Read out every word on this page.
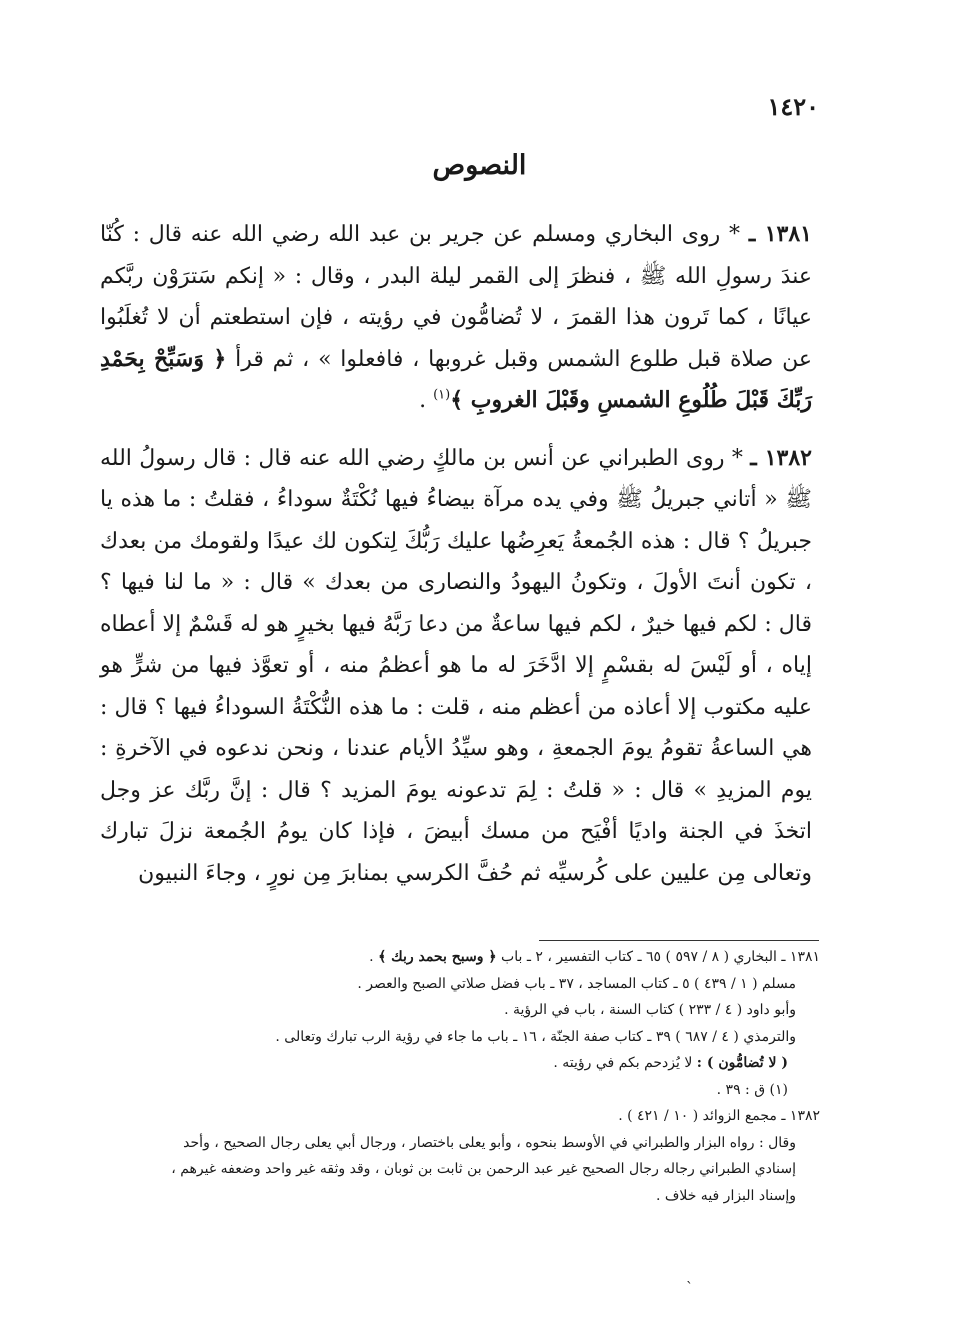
١٤٢٠
النصوص

١٣٨١ ـ * روى البخاري ومسلم عن جرير بن عبد الله رضي الله عنه قال : كُنّا عندَ رسولِ الله ﷺ ، فنظرَ إلى القمر ليلة البدر ، وقال : « إنكم سَترَوْن ربَّكم عيانًا ، كما تَرون هذا القمرَ ، لا تُضامُّون في رؤيته ، فإن استطعتم أن لا تُغلَبُوا عن صلاة قبل طلوع الشمس وقبل غروبها ، فافعلوا » ، ثم قرأ ﴿ وَسَبِّحْ بِحَمْدِ رَبِّكَ قَبْلَ طُلُوعِ الشمسِ وقَبْلَ الغروبِ ﴾$^{(١)}$ .

١٣٨٢ ـ * روى الطبراني عن أنس بن مالكٍ رضي الله عنه قال : قال رسولُ الله ﷺ « أتاني جبريلُ ﷺ وفي يده مرآة بيضاءُ فيها نُكْتَةٌ سوداءُ ، فقلتُ : ما هذه يا جبريلُ ؟ قال : هذه الجُمعةُ يَعرِضُها عليك رَبُّكَ لِتكون لك عيدًا ولقومك من بعدك ، تكون أنتَ الأولَ ، وتكونُ اليهودُ والنصارى من بعدك » قال : « ما لنا فيها ؟ قال : لكم فيها خيرٌ ، لكم فيها ساعةٌ من دعا رَبَّهُ فيها بخيرٍ هو له قَسْمٌ إلا أعطاه إياه ، أو لَيْسَ له بقسْمٍ إلا ادَّخَرَ له ما هو أعظمُ منه ، أو تعوَّذ فيها من شرٍّ هو عليه مكتوب إلا أعاذه من أعظم منه ، قلت : ما هذه النُّكْتَةُ السوداءُ فيها ؟ قال : هي الساعةُ تقومُ يومَ الجمعةِ ، وهو سيِّدُ الأيام عندنا ، ونحن ندعوه في الآخرةِ : يوم المزيدِ » قال : « قلتُ : لِمَ تدعونه يومَ المزيد ؟ قال : إنَّ ربَّك عز وجل اتخذَ في الجنة واديًا أفْيَح من مسك أبيضَ ، فإذا كان يومُ الجُمعة نزلَ تبارك وتعالى مِن عليين على كُرسيِّه ثم حُفَّ الكرسي بمنابرَ مِن نورٍ ، وجاءَ النبيون

١٣٨١ ـ البخاري ( ٨ / ٥٩٧ ) ٦٥ ـ كتاب التفسير ، ٢ ـ باب ﴿ وسبح بحمد ربك ﴾ .
مسلم ( ١ / ٤٣٩ ) ٥ ـ كتاب المساجد ، ٣٧ ـ باب فضل صلاتي الصبح والعصر .
وأبو داود ( ٤ / ٢٣٣ ) كتاب السنة ، باب في الرؤية .
والترمذي ( ٤ / ٦٨٧ ) ٣٩ ـ كتاب صفة الجنّة ، ١٦ ـ باب ما جاء في رؤية الرب تبارك وتعالى .
( لا تُضامُّون ) : لا يُزدحم بكم في رؤيته .
(١) ق : ٣٩ .
١٣٨٢ ـ مجمع الزوائد ( ١٠ / ٤٢١ ) .
وقال : رواه البزار والطبراني في الأوسط بنحوه ، وأبو يعلى باختصار ، ورجال أبي يعلى رجال الصحيح ، وأحد
إسنادي الطبراني رجاله رجال الصحيح غير عبد الرحمن بن ثابت بن ثوبان ، وقد وثقه غير واحد وضعفه غيرهم ،
وإسناد البزار فيه خلاف .
ˎ
